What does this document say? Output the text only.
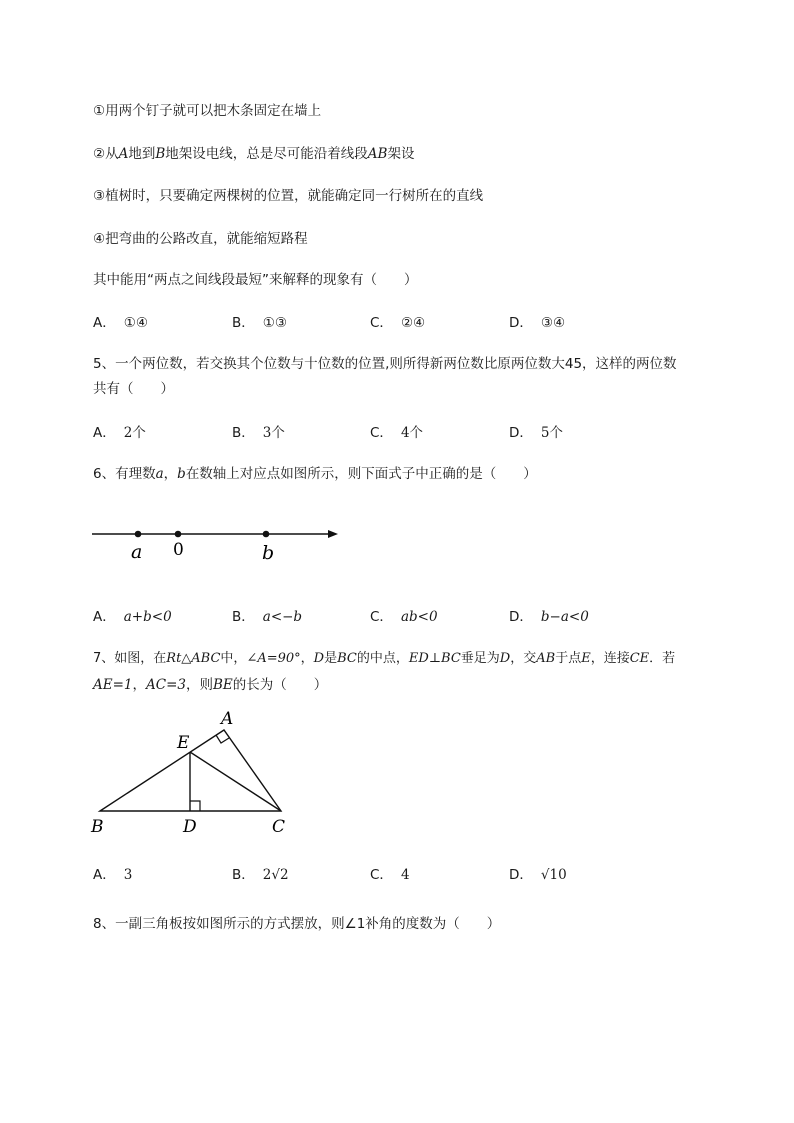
①用两个钉子就可以把木条固定在墙上
②从A地到B地架设电线，总是尽可能沿着线段AB架设
③植树时，只要确定两棵树的位置，就能确定同一行树所在的直线
④把弯曲的公路改直，就能缩短路程
其中能用“两点之间线段最短”来解释的现象有（　　）
A． ①④	B． ①③	C． ②④	D． ③④
5、一个两位数，若交换其个位数与十位数的位置,则所得新两位数比原两位数大45，这样的两位数
共有（　　）
A． 2个	B． 3个	C． 4个	D． 5个
6、有理数a，b在数轴上对应点如图所示，则下面式子中正确的是（　　）
a 0	b
A． a+b<0	B． a<−b	C． ab<0	D． b−a<0
7、如图，在Rt△ABC中，∠A=90°，D是BC的中点，ED⊥BC垂足为D，交AB于点E，连接CE．若
AE=1，AC=3，则BE的长为（　　）
A
E
B	D	C
A． 3	B． 2√2	C． 4	D． √10
8、一副三角板按如图所示的方式摆放，则∠1补角的度数为（　　）
